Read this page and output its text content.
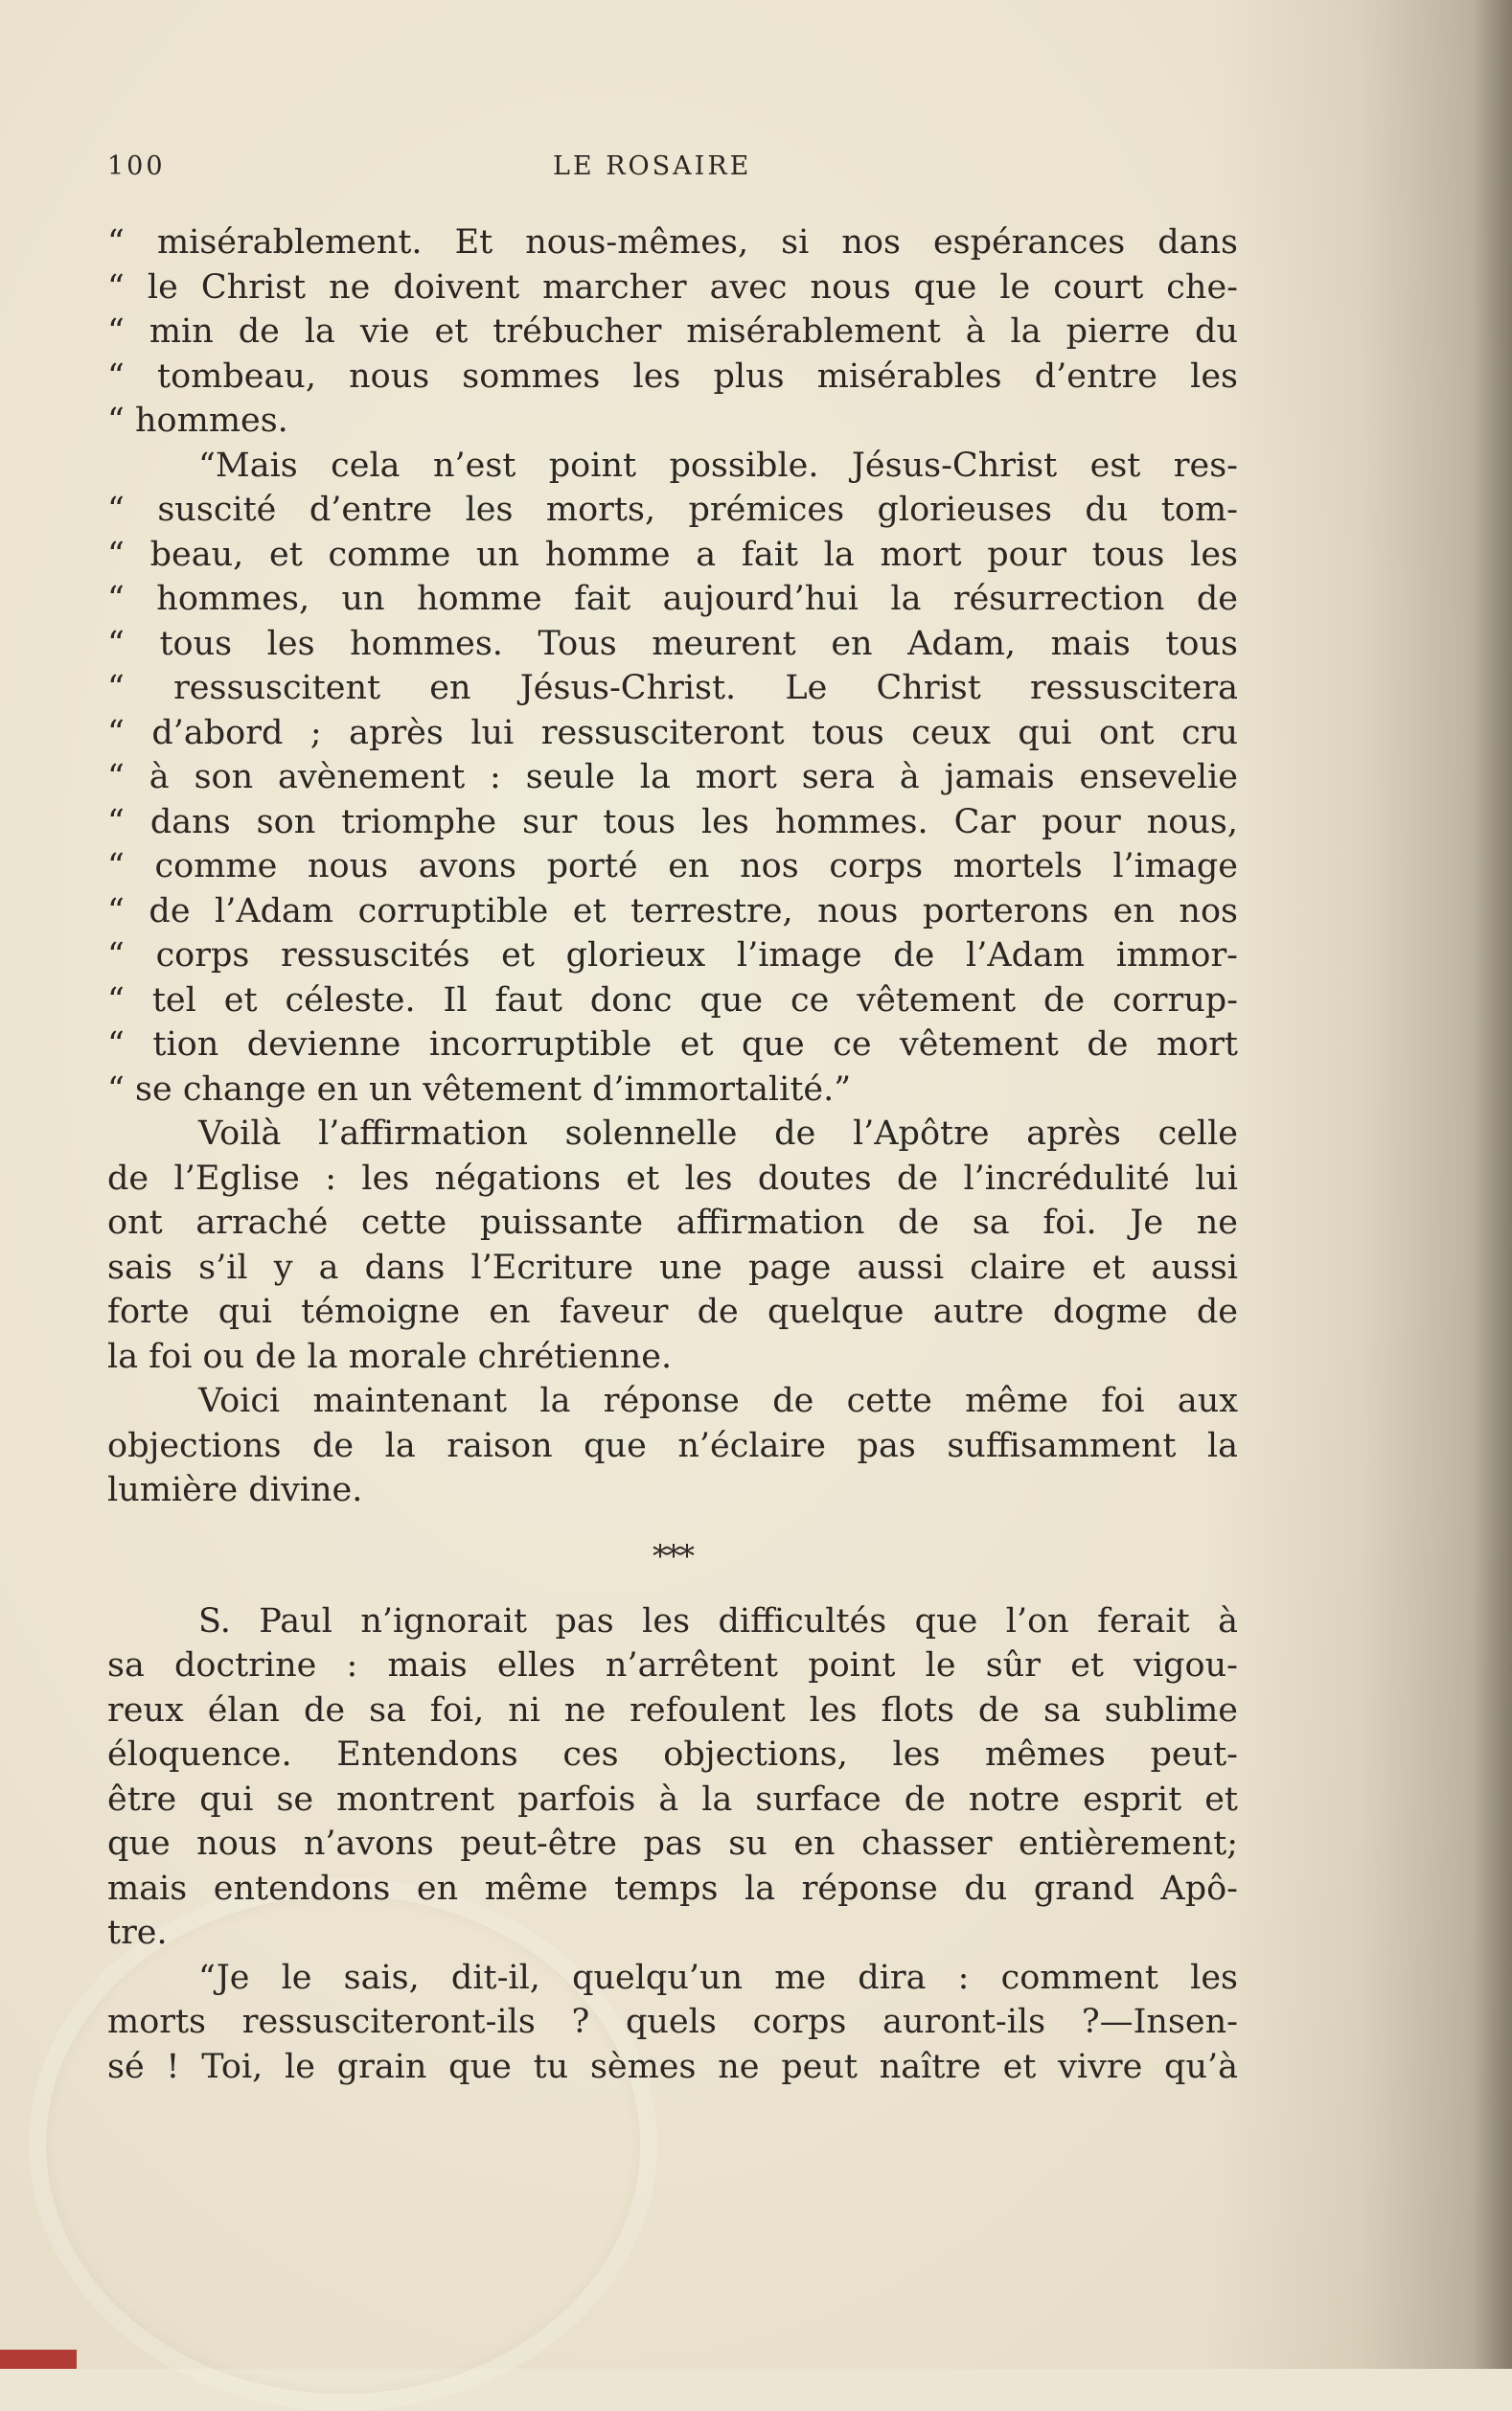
100	LE ROSAIRE
“ misérablement. Et nous-mêmes, si nos espérances dans
“ le Christ ne doivent marcher avec nous que le court che-
“ min de la vie et trébucher misérablement à la pierre du
“ tombeau, nous sommes les plus misérables d’entre les
“ hommes.
“Mais cela n’est point possible. Jésus-Christ est res-
“ suscité d’entre les morts, prémices glorieuses du tom-
“ beau, et comme un homme a fait la mort pour tous les
“ hommes, un homme fait aujourd’hui la résurrection de
“ tous les hommes. Tous meurent en Adam, mais tous
“ ressuscitent en Jésus-Christ. Le Christ ressuscitera
“ d’abord ; après lui ressusciteront tous ceux qui ont cru
“ à son avènement : seule la mort sera à jamais ensevelie
“ dans son triomphe sur tous les hommes. Car pour nous,
“ comme nous avons porté en nos corps mortels l’image
“ de l’Adam corruptible et terrestre, nous porterons en nos
“ corps ressuscités et glorieux l’image de l’Adam immor-
“ tel et céleste. Il faut donc que ce vêtement de corrup-
“ tion devienne incorruptible et que ce vêtement de mort
“ se change en un vêtement d’immortalité.”
Voilà l’affirmation solennelle de l’Apôtre après celle
de l’Eglise : les négations et les doutes de l’incrédulité lui
ont arraché cette puissante affirmation de sa foi. Je ne
sais s’il y a dans l’Ecriture une page aussi claire et aussi
forte qui témoigne en faveur de quelque autre dogme de
la foi ou de la morale chrétienne.
Voici maintenant la réponse de cette même foi aux
objections de la raison que n’éclaire pas suffisamment la
lumière divine.
***
S. Paul n’ignorait pas les difficultés que l’on ferait à
sa doctrine : mais elles n’arrêtent point le sûr et vigou-
reux élan de sa foi, ni ne refoulent les flots de sa sublime
éloquence. Entendons ces objections, les mêmes peut-
être qui se montrent parfois à la surface de notre esprit et
que nous n’avons peut-être pas su en chasser entièrement;
mais entendons en même temps la réponse du grand Apô-
tre.
“Je le sais, dit-il, quelqu’un me dira : comment les
morts ressusciteront-ils ? quels corps auront-ils ?—Insen-
sé ! Toi, le grain que tu sèmes ne peut naître et vivre qu’à
